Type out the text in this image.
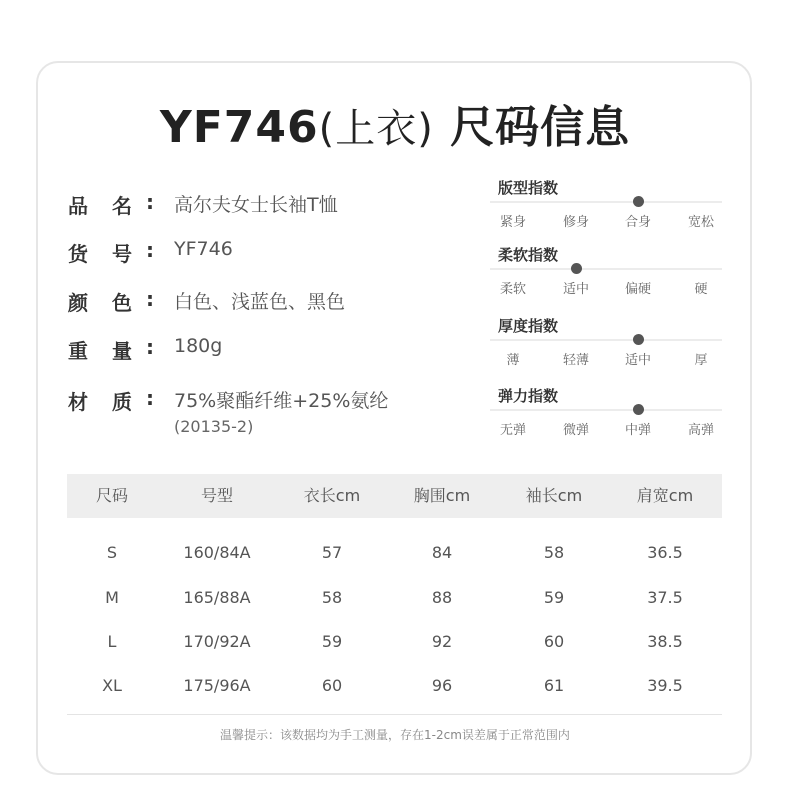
YF746(上衣) 尺码信息
品 名 : 高尔夫女士长袖T恤
货 号 : YF746
颜 色 : 白色、浅蓝色、黑色
重 量 : 180g
材 质 : 75%聚酯纤维+25%氨纶
(20135-2)
版型指数
紧身	修身	合身	宽松
柔软指数
柔软	适中	偏硬	硬
厚度指数
薄	轻薄	适中	厚
弹力指数
无弹	微弹	中弹	高弹
尺码	号型	衣长cm	胸围cm	袖长cm	肩宽cm
S	160/84A	57	84	58	36.5
M	165/88A	58	88	59	37.5
L	170/92A	59	92	60	38.5
XL	175/96A	60	96	61	39.5
温馨提示：该数据均为手工测量，存在1-2cm误差属于正常范围内
